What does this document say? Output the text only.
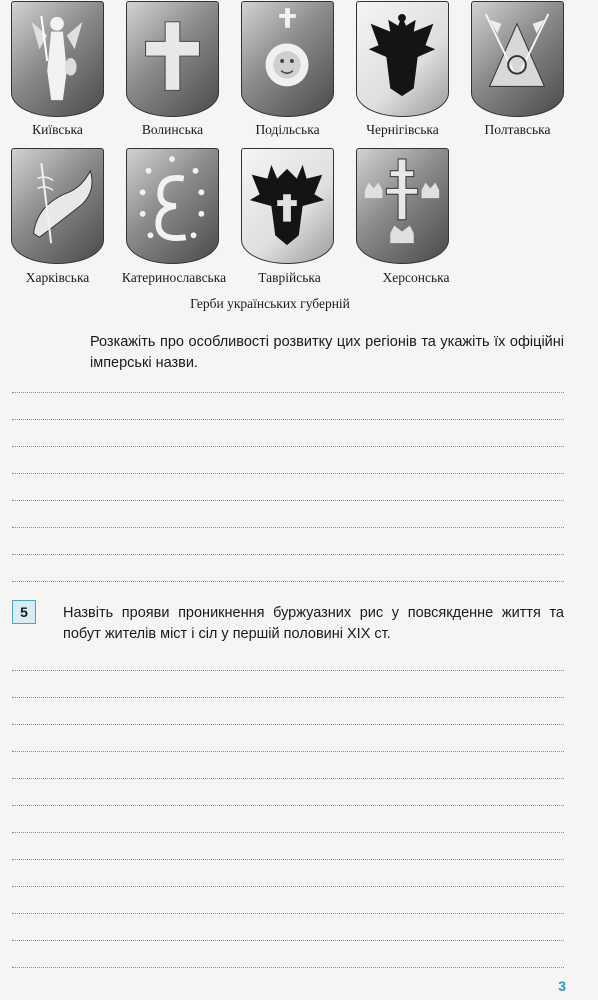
Київська	Волинська	Подільська	Чернігівська	Полтавська
Харківська	Катеринославська	Таврійська	Херсонська
Герби українських губерній
Розкажіть про особливості розвитку цих регіонів та укажіть їх офіційні імперські назви.
5	Назвіть прояви проникнення буржуазних рис у повсякденне життя та побут жителів міст і сіл у першій половині XIX ст.
3
